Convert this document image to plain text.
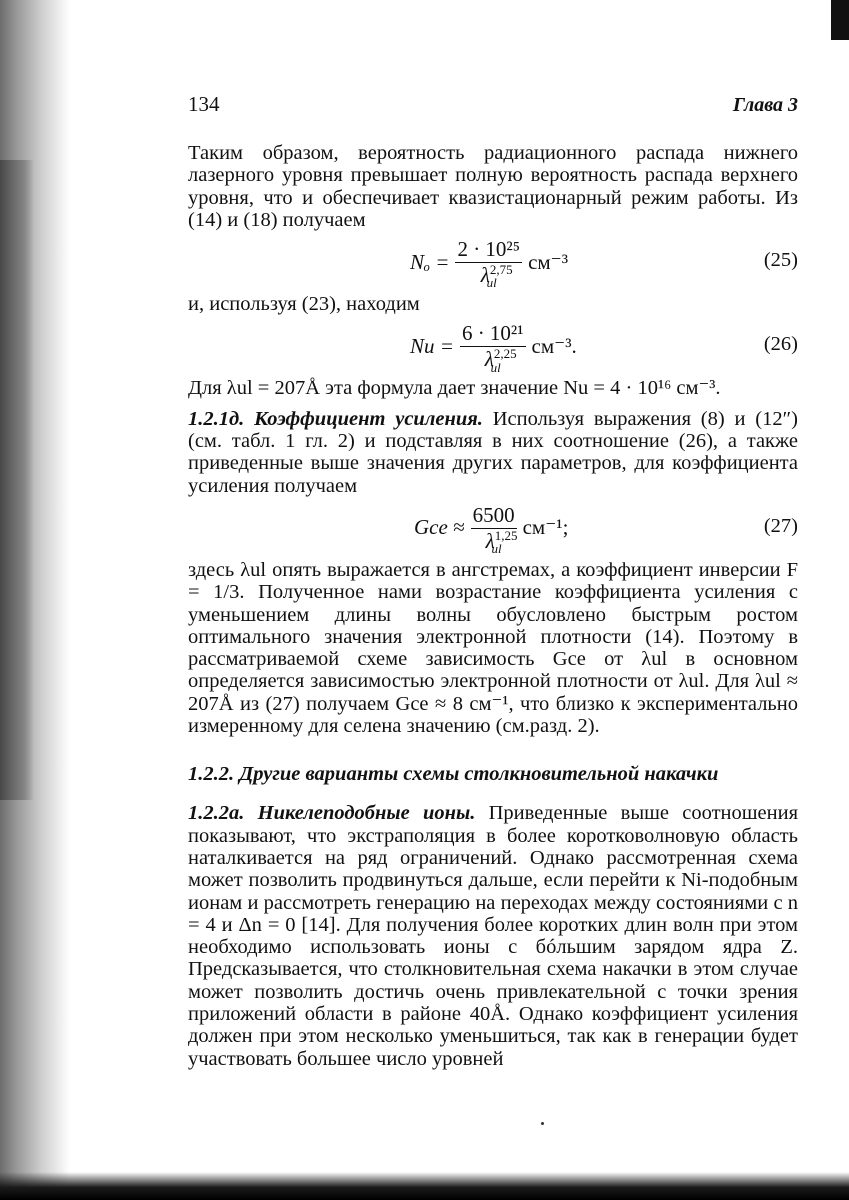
134	Глава 3

Таким образом, вероятность радиационного распада нижнего лазерного уровня превышает полную вероятность распада верхнего уровня, что и обеспечивает квазистационарный режим работы. Из (14) и (18) получаем

$N_o = \frac{\text{2 · 10²⁵}}{\lambda^{2,75}_{ul}} см^{-3}$	(25)

и, используя (23), находим

$Nu = \frac{\text{6 · 10²¹}}{\lambda^{2,25}_{ul}} см^{-3}$.	(26)

Для λul = 207Å эта формула дает значение Nu = 4 · 10¹⁶ см⁻³.

1.2.1д. Коэффициент усиления. Используя выражения (8) и (12″) (см. табл. 1 гл. 2) и подставляя в них соотношение (26), а также приведенные выше значения других параметров, для коэффициента усиления получаем

Gce ≈ $\frac{6500}{\lambda^{1,25}_{ul}} см^{-1}$;	(27)

здесь λul опять выражается в ангстремах, а коэффициент инверсии F = 1/3. Полученное нами возрастание коэффициента усиления с уменьшением длины волны обусловлено быстрым ростом оптимального значения электронной плотности (14). Поэтому в рассматриваемой схеме зависимость Gce от λul в основном определяется зависимостью электронной плотности от λul. Для λul ≈ 207Å из (27) получаем Gce ≈ 8 см⁻¹, что близко к экспериментально измеренному для селена значению (см.разд. 2).

1.2.2. Другие варианты схемы столкновительной накачки

1.2.2a. Никелеподобные ионы. Приведенные выше соотношения показывают, что экстраполяция в более коротковолновую область наталкивается на ряд ограничений. Однако рассмотренная схема может позволить продвинуться дальше, если перейти к Ni-подобным ионам и рассмотреть генерацию на переходах между состояниями с n = 4 и Δn = 0 [14]. Для получения более коротких длин волн при этом необходимо использовать ионы с бóльшим зарядом ядра Z. Предсказывается, что столкновительная схема накачки в этом случае может позволить достичь очень привлекательной с точки зрения приложений области в районе 40Å. Однако коэффициент усиления должен при этом несколько уменьшиться, так как в генерации будет участвовать большее число уровней
